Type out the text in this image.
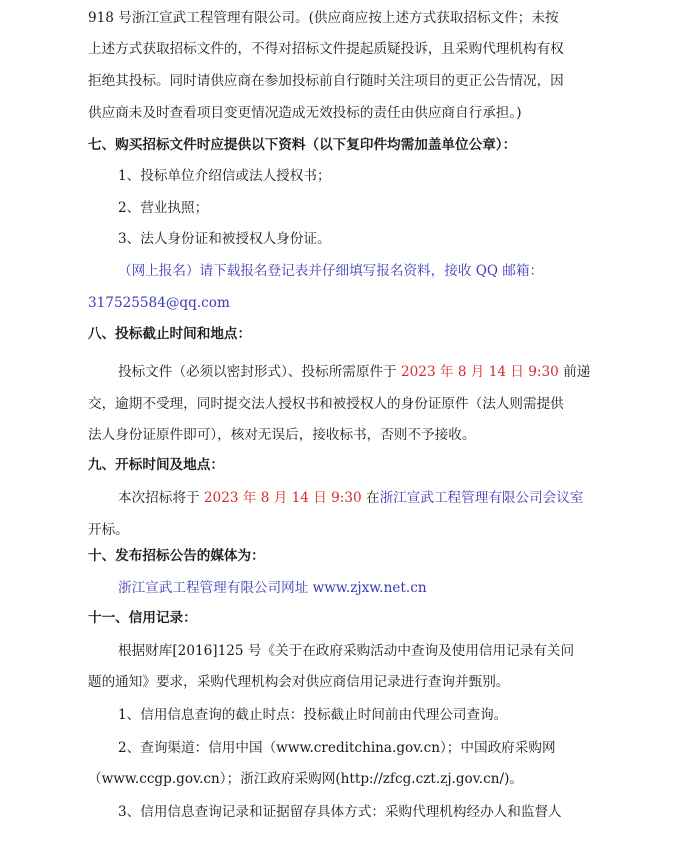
918 号浙江宣武工程管理有限公司。(供应商应按上述方式获取招标文件；未按
上述方式获取招标文件的，不得对招标文件提起质疑投诉，且采购代理机构有权
拒绝其投标。同时请供应商在参加投标前自行随时关注项目的更正公告情况，因
供应商未及时查看项目变更情况造成无效投标的责任由供应商自行承担。)
七、购买招标文件时应提供以下资料（以下复印件均需加盖单位公章）：
1、投标单位介绍信或法人授权书；
2、营业执照；
3、法人身份证和被授权人身份证。
（网上报名）请下载报名登记表并仔细填写报名资料，接收 QQ 邮箱：
317525584@qq.com
八、投标截止时间和地点：
投标文件（必须以密封形式）、投标所需原件于 2023 年 8 月 14 日 9:30 前递
交，逾期不受理，同时提交法人授权书和被授权人的身份证原件（法人则需提供
法人身份证原件即可），核对无误后，接收标书，否则不予接收。
九、开标时间及地点：
本次招标将于 2023 年 8 月 14 日 9:30 在浙江宣武工程管理有限公司会议室
开标。
十、发布招标公告的媒体为：
浙江宣武工程管理有限公司网址 www.zjxw.net.cn
十一、信用记录：
根据财库[2016]125 号《关于在政府采购活动中查询及使用信用记录有关问
题的通知》要求，采购代理机构会对供应商信用记录进行查询并甄别。
1、信用信息查询的截止时点：投标截止时间前由代理公司查询。
2、查询渠道：信用中国（www.creditchina.gov.cn）；中国政府采购网
（www.ccgp.gov.cn）；浙江政府采购网(http://zfcg.czt.zj.gov.cn/)。
3、信用信息查询记录和证据留存具体方式：采购代理机构经办人和监督人
